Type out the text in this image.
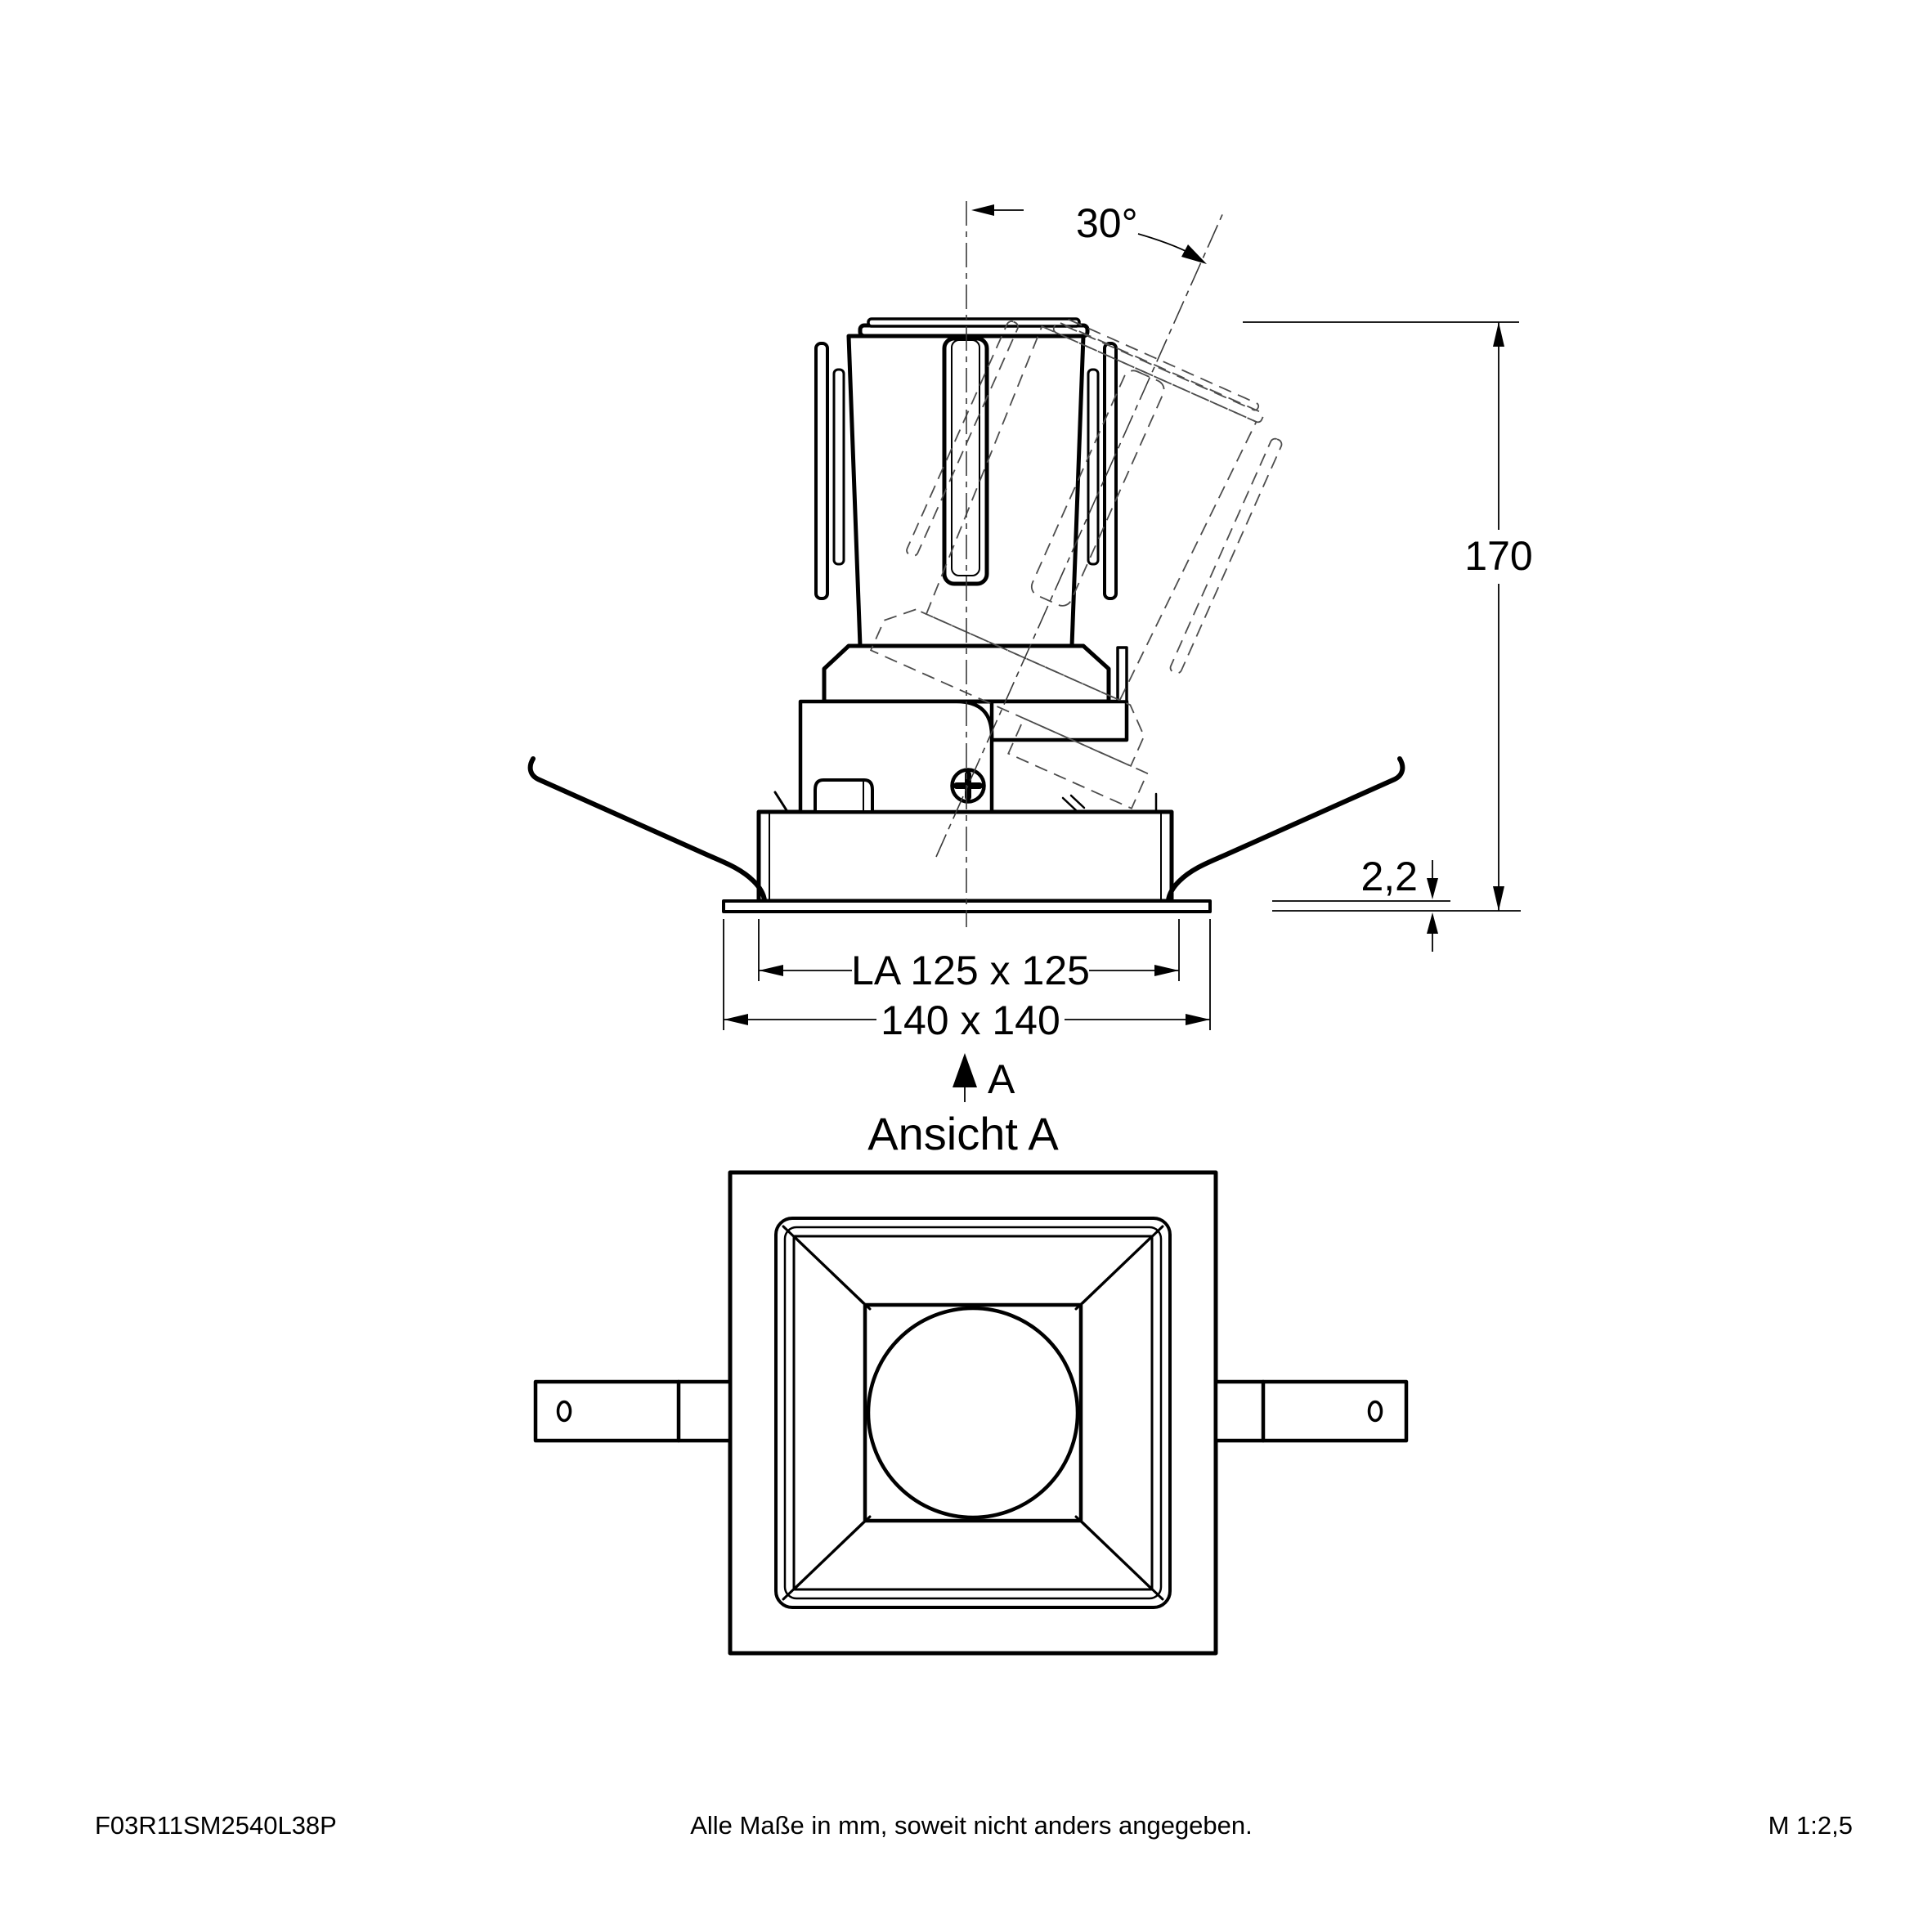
30°
170
2,2
LA 125 x 125
140 x 140
A
Ansicht A
F03R11SM2540L38P	Alle Maße in mm, soweit nicht anders angegeben.	M 1:2,5
